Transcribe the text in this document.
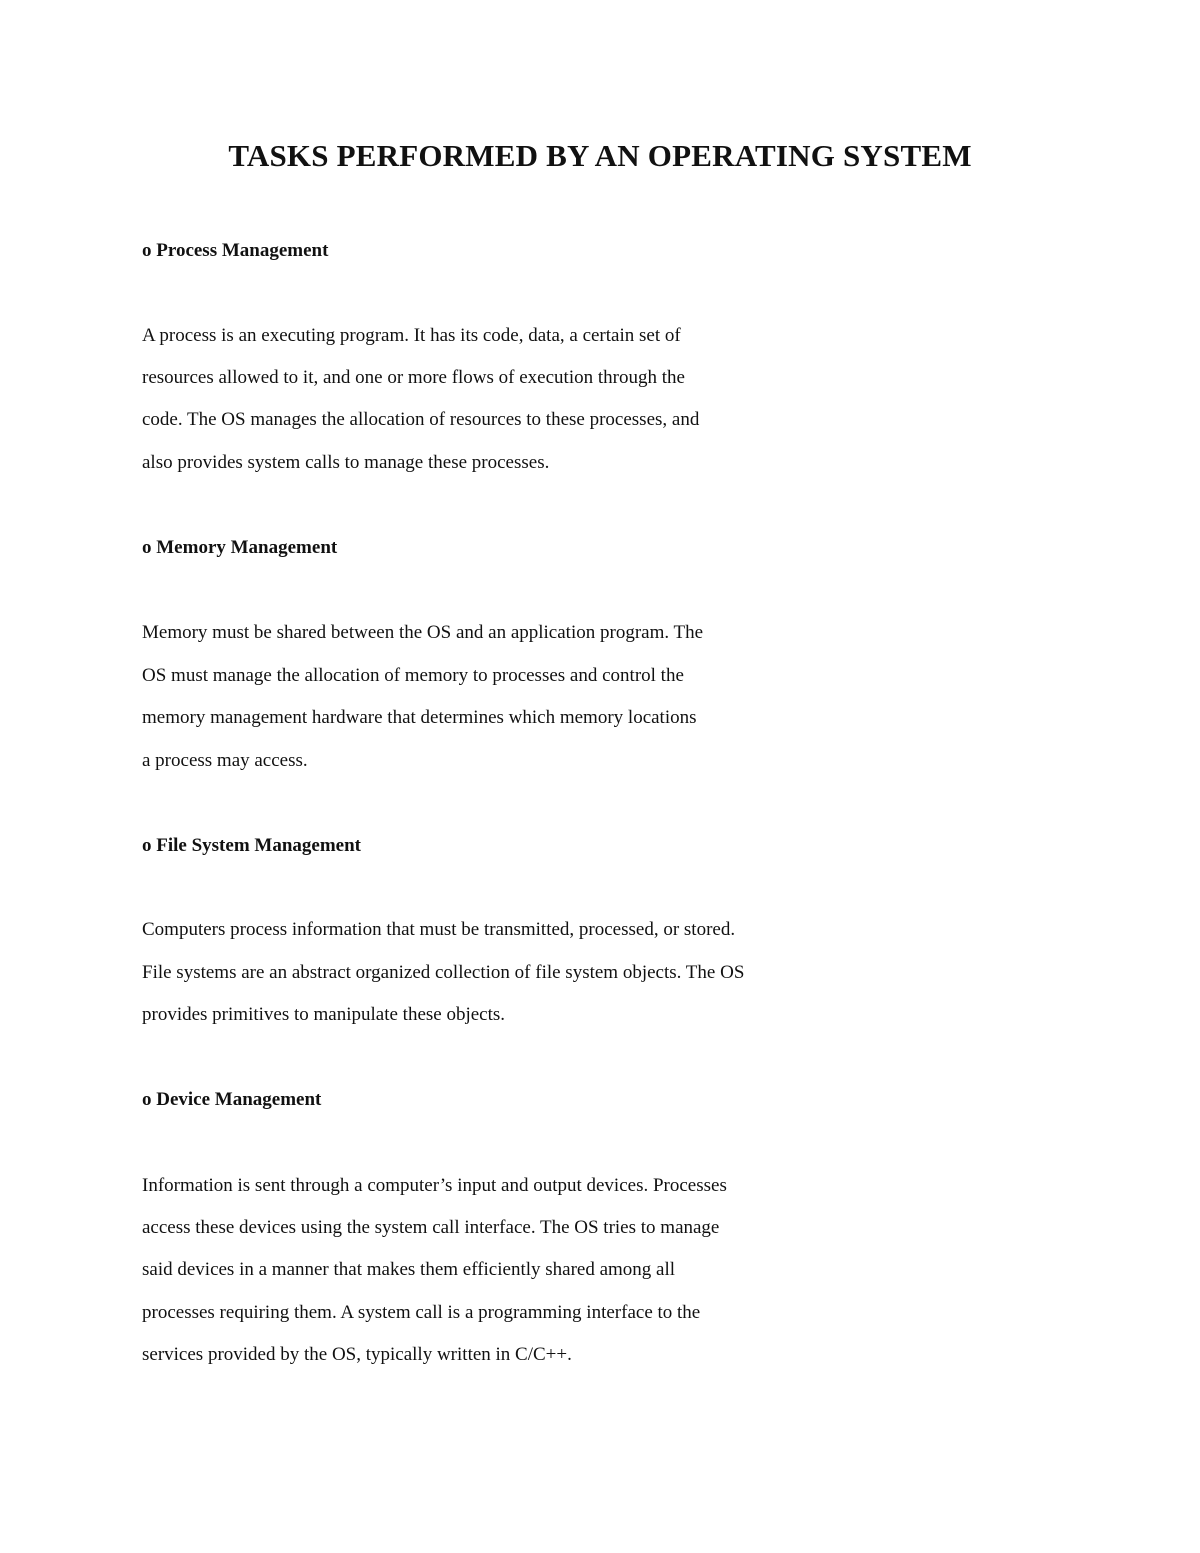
TASKS PERFORMED BY AN OPERATING SYSTEM

o Process Management

A process is an executing program. It has its code, data, a certain set of

resources allowed to it, and one or more flows of execution through the

code. The OS manages the allocation of resources to these processes, and

also provides system calls to manage these processes.

o Memory Management

Memory must be shared between the OS and an application program. The

OS must manage the allocation of memory to processes and control the

memory management hardware that determines which memory locations

a process may access.

o File System Management

Computers process information that must be transmitted, processed, or stored.

File systems are an abstract organized collection of file system objects. The OS

provides primitives to manipulate these objects.

o Device Management

Information is sent through a computer’s input and output devices. Processes

access these devices using the system call interface. The OS tries to manage

said devices in a manner that makes them efficiently shared among all

processes requiring them. A system call is a programming interface to the

services provided by the OS, typically written in C/C++.
